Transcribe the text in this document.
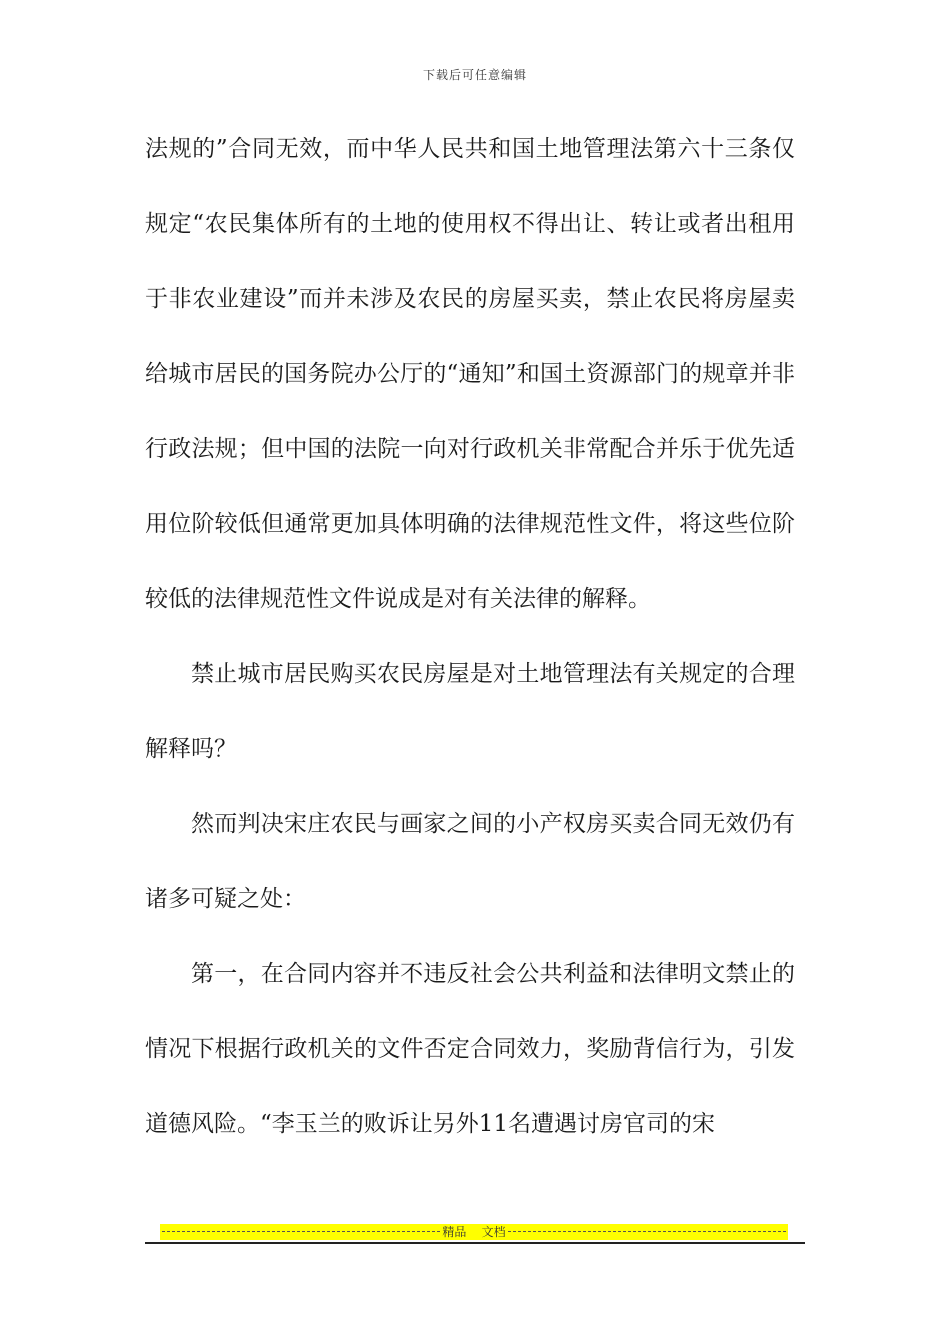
下载后可任意编辑

法规的”合同无效，而中华人民共和国土地管理法第六十三条仅规定“农民集体所有的土地的使用权不得出让、转让或者出租用于非农业建设”而并未涉及农民的房屋买卖，禁止农民将房屋卖给城市居民的国务院办公厅的“通知”和国土资源部门的规章并非行政法规；但中国的法院一向对行政机关非常配合并乐于优先适用位阶较低但通常更加具体明确的法律规范性文件，将这些位阶较低的法律规范性文件说成是对有关法律的解释。

禁止城市居民购买农民房屋是对土地管理法有关规定的合理解释吗？

然而判决宋庄农民与画家之间的小产权房买卖合同无效仍有诸多可疑之处：

第一，在合同内容并不违反社会公共利益和法律明文禁止的情况下根据行政机关的文件否定合同效力，奖励背信行为，引发道德风险。“李玉兰的败诉让另外11名遭遇讨房官司的宋

精品    文档
